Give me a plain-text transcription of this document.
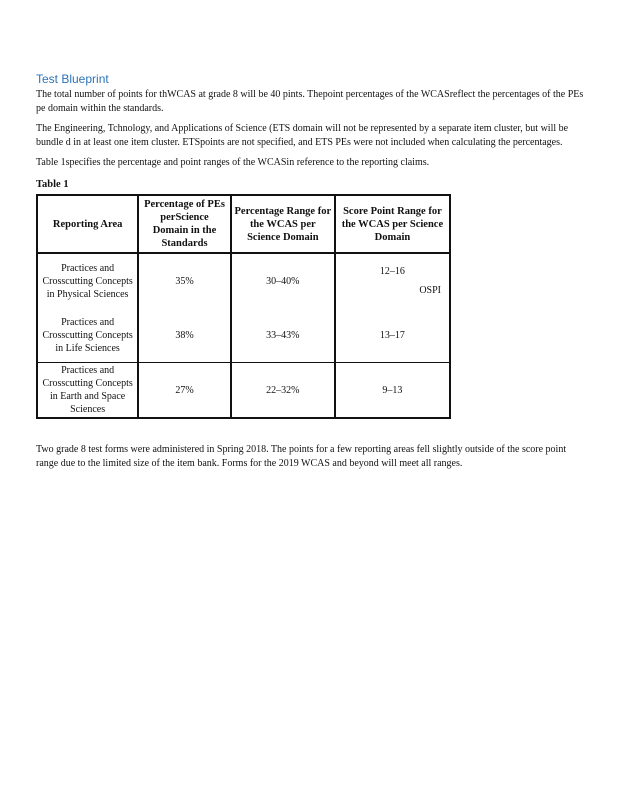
Test Blueprint

The total number of points for thWCAS at grade 8 will be 40 pints. Thepoint percentages of the WCASreflect the percentages of the PEs pe domain within the standards.

The Engineering, Tchnology, and Applications of Science (ETS domain will not be represented by a separate item cluster, but will be bundle d in at least one item cluster. ETSpoints are not specified, and ETS PEs were not included when calculating the percentages.

Table 1specifies the percentage and point ranges of the WCASin reference to the reporting claims.

Table 1
Reporting Area	Percentage of PEs perScience Domain in the Standards	Percentage Range for the WCAS per Science Domain	Score Point Range for the WCAS per Science Domain
Practices and Crosscutting Concepts in Physical Sciences	35%	30–40%	12–16
OSPI

Practices and Crosscutting Concepts in Life Sciences	38%	33–43%	13–17
Practices and Crosscutting Concepts in Earth and Space Sciences	27%	22–32%	9–13

Two grade 8 test forms were administered in Spring 2018. The points for a few reporting areas fell slightly outside of the score point range due to the limited size of the item bank. Forms for the 2019 WCAS and beyond will meet all ranges.
